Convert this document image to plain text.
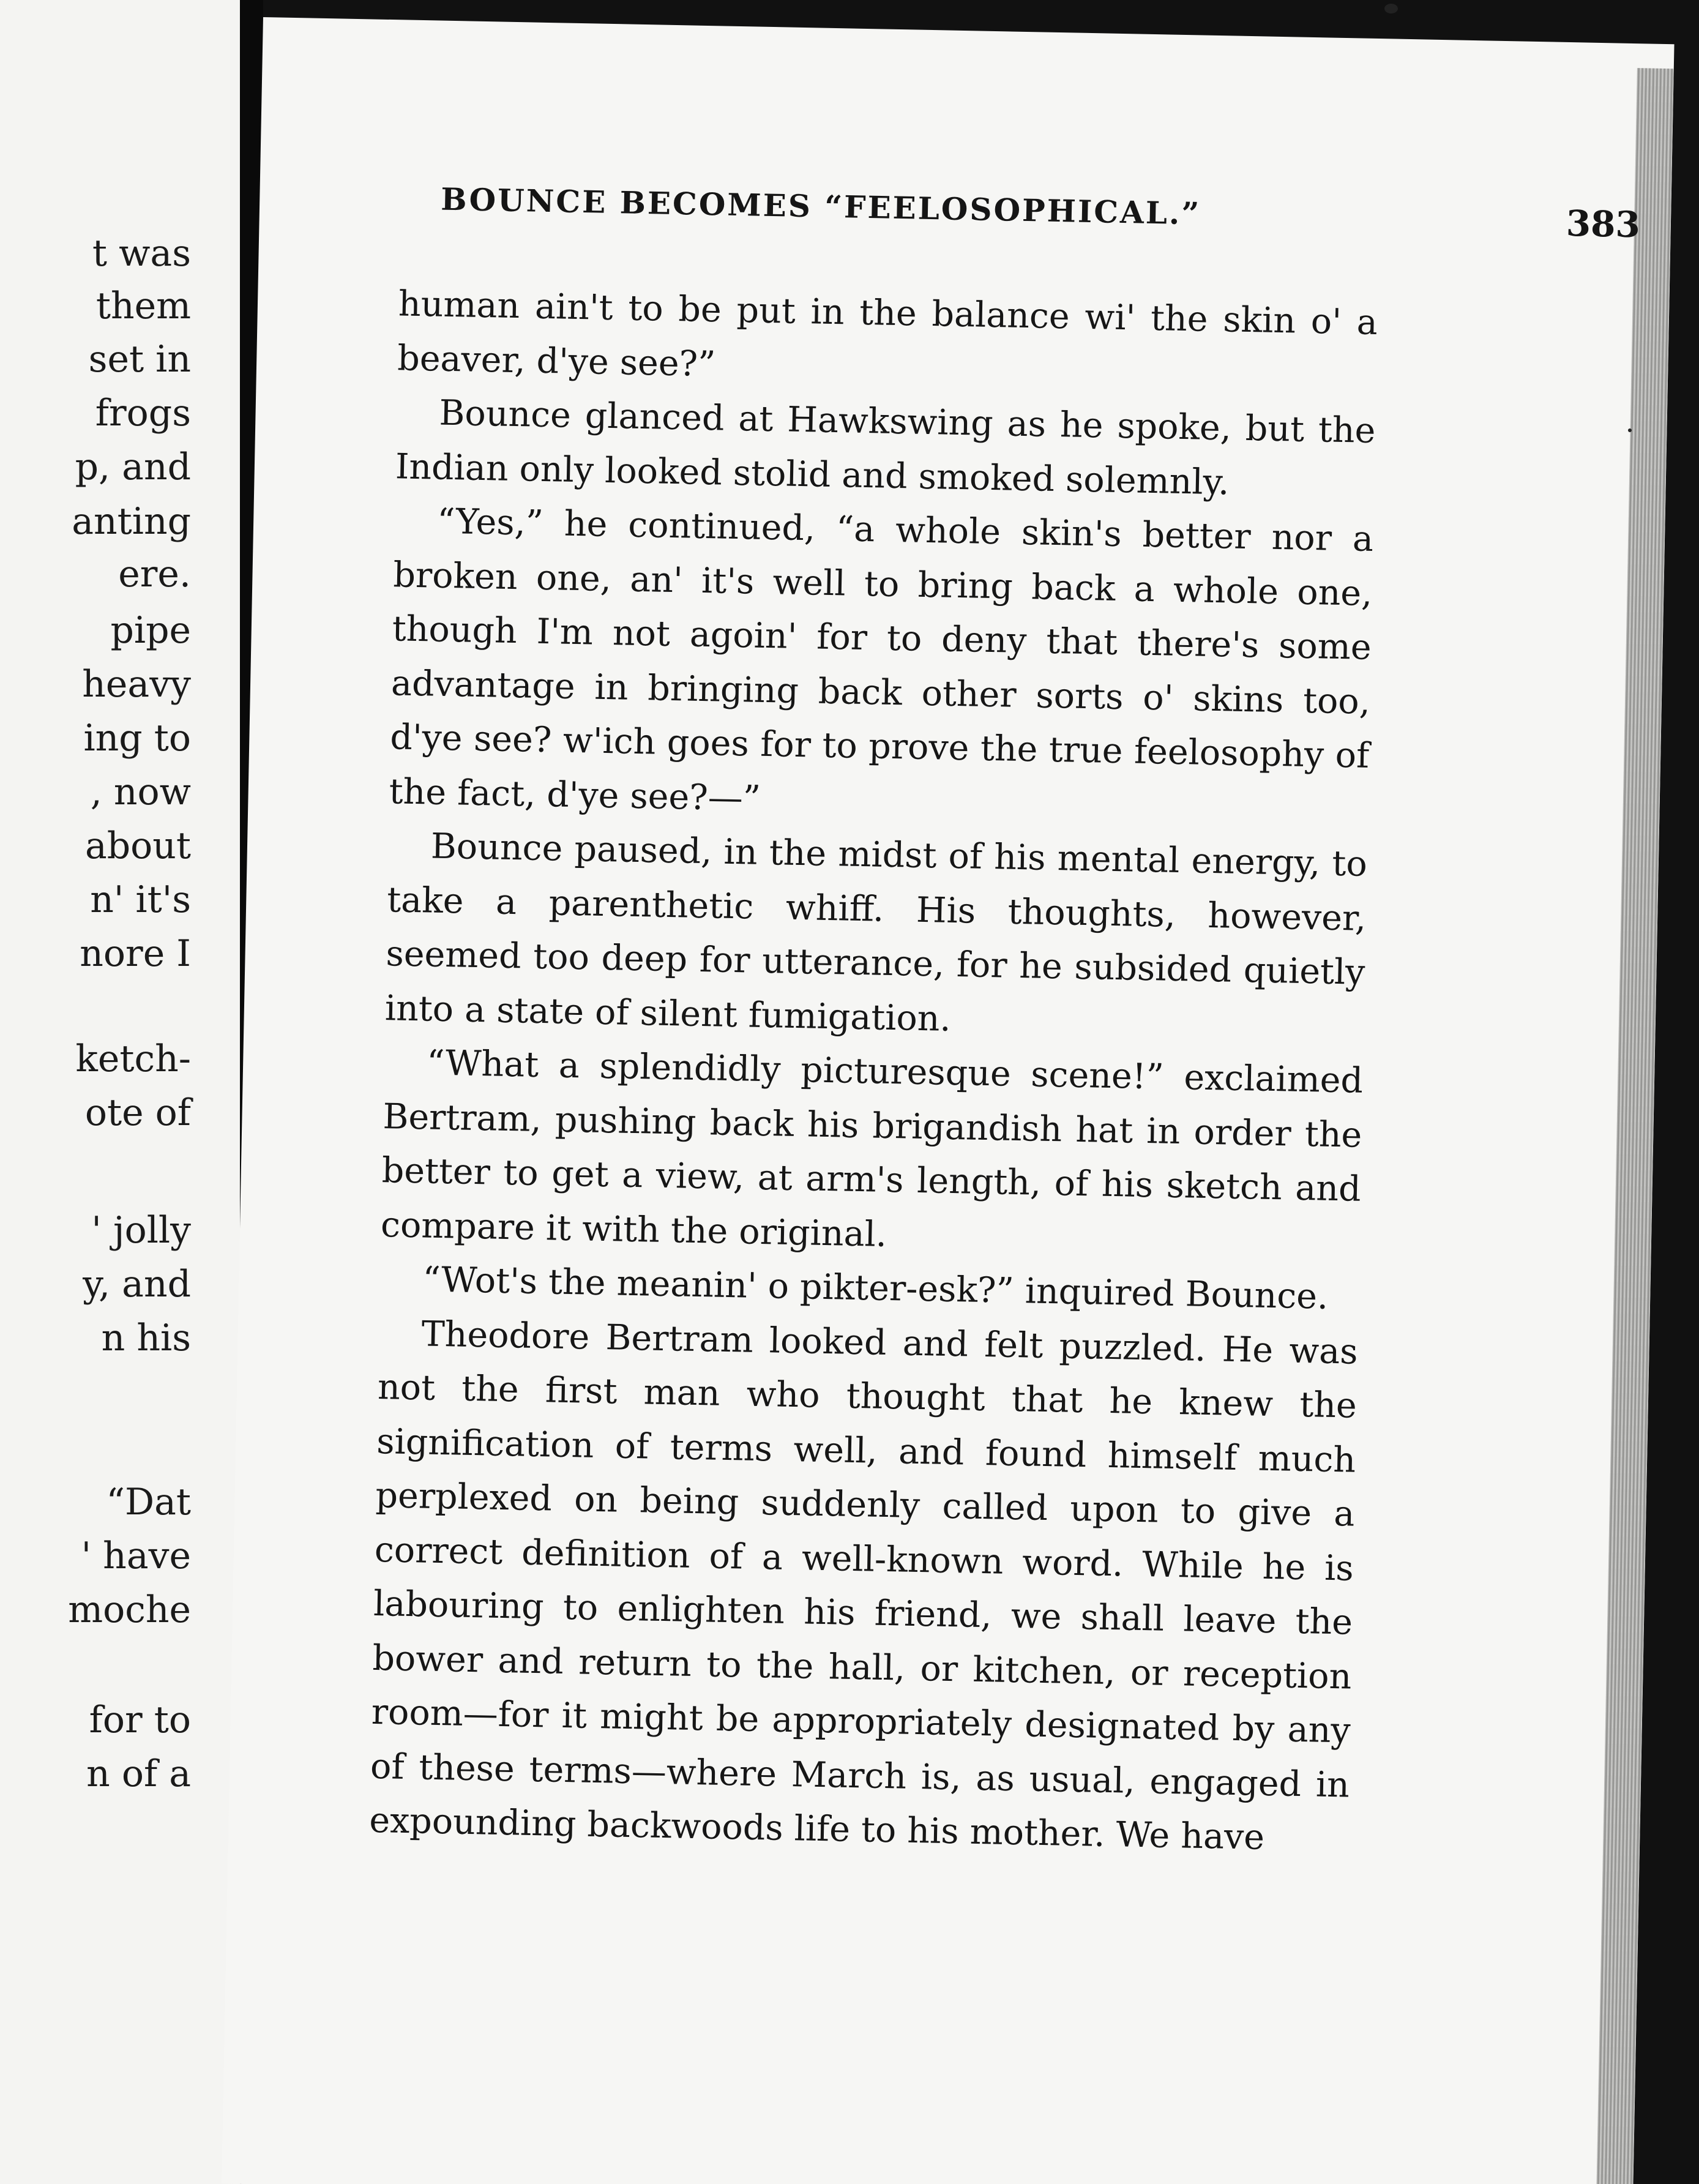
t was
them
set in
frogs
p, and
anting
ere.
pipe
heavy
ing to
, now
about
n' it's
nore I
ketch-
ote of
' jolly
y, and
n his
“Dat
' have
moche
for to
n of a
BOUNCE BECOMES “FEELOSOPHICAL.”	383

human ain't to be put in the balance wi' the skin o' a beaver, d'ye see?”

Bounce glanced at Hawkswing as he spoke, but the Indian only looked stolid and smoked solemnly.

“Yes,” he continued, “a whole skin's better nor a broken one, an' it's well to bring back a whole one, though I'm not agoin' for to deny that there's some advantage in bringing back other sorts o' skins too, d'ye see? w'ich goes for to prove the true feelosophy of the fact, d'ye see?—”

Bounce paused, in the midst of his mental energy, to take a parenthetic whiff. His thoughts, however, seemed too deep for utterance, for he subsided quietly into a state of silent fumigation.

“What a splendidly picturesque scene!” exclaimed Bertram, pushing back his brigandish hat in order the better to get a view, at arm's length, of his sketch and compare it with the original.

“Wot's the meanin' o pikter-esk?” inquired Bounce.

Theodore Bertram looked and felt puzzled. He was not the first man who thought that he knew the signification of terms well, and found himself much perplexed on being suddenly called upon to give a correct definition of a well-known word. While he is labouring to enlighten his friend, we shall leave the bower and return to the hall, or kitchen, or reception room—for it might be appropriately designated by any of these terms—where March is, as usual, engaged in expounding backwoods life to his mother. We have
